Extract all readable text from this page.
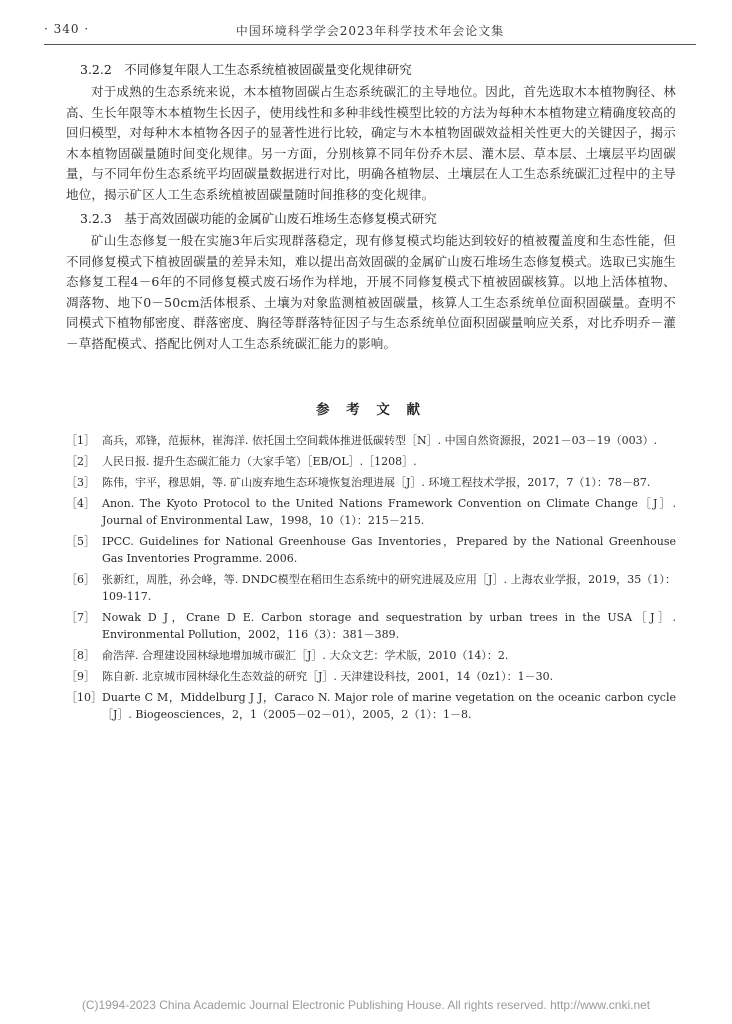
· 340 ·	中国环境科学学会2023年科学技术年会论文集
3.2.2　不同修复年限人工生态系统植被固碳量变化规律研究

对于成熟的生态系统来说，木本植物固碳占生态系统碳汇的主导地位。因此，首先选取木本植物胸径、林高、生长年限等木本植物生长因子，使用线性和多种非线性模型比较的方法为每种木本植物建立精确度较高的回归模型，对每种木本植物各因子的显著性进行比较，确定与木本植物固碳效益相关性更大的关键因子，揭示木本植物固碳量随时间变化规律。另一方面，分别核算不同年份乔木层、灌木层、草本层、土壤层平均固碳量，与不同年份生态系统平均固碳量数据进行对比，明确各植物层、土壤层在人工生态系统碳汇过程中的主导地位，揭示矿区人工生态系统植被固碳量随时间推移的变化规律。

3.2.3　基于高效固碳功能的金属矿山废石堆场生态修复模式研究

矿山生态修复一般在实施3年后实现群落稳定，现有修复模式均能达到较好的植被覆盖度和生态性能，但不同修复模式下植被固碳量的差异未知，难以提出高效固碳的金属矿山废石堆场生态修复模式。选取已实施生态修复工程4－6年的不同修复模式废石场作为样地，开展不同修复模式下植被固碳核算。以地上活体植物、凋落物、地下0－50cm活体根系、土壤为对象监测植被固碳量，核算人工生态系统单位面积固碳量。查明不同模式下植物郁密度、群落密度、胸径等群落特征因子与生态系统单位面积固碳量响应关系，对比乔明乔－灌－草搭配模式、搭配比例对人工生态系统碳汇能力的影响。

参 考 文 献
［1］ 高兵，邓锋，范振林，崔海洋. 依托国土空间载体推进低碳转型［N］. 中国自然资源报，2021－03－19（003）.
［2］ 人民日报. 提升生态碳汇能力（大家手笔）［EB/OL］.［1208］.
［3］ 陈伟，宇平，穆思娟，等. 矿山废弃地生态环境恢复治理进展［J］. 环境工程技术学报，2017，7（1）：78－87.
［4］ Anon. The Kyoto Protocol to the United Nations Framework Convention on Climate Change［J］. Journal of Environmental Law，1998，10（1）：215－215.
［5］ IPCC. Guidelines for National Greenhouse Gas Inventories，Prepared by the National Greenhouse Gas Inventories Programme. 2006.
［6］ 张新红，周胜，孙会峰，等. DNDC模型在稻田生态系统中的研究进展及应用［J］. 上海农业学报，2019，35（1）：109-117.
［7］ Nowak D J，Crane D E. Carbon storage and sequestration by urban trees in the USA［J］. Environmental Pollution，2002，116（3）：381－389.
［8］ 俞浩萍. 合理建设园林绿地增加城市碳汇［J］. 大众文艺：学术版，2010（14）：2.
［9］ 陈自新. 北京城市园林绿化生态效益的研究［J］. 天津建设科技，2001，14（0z1）：1－30.
［10］ Duarte C M，Middelburg J J，Caraco N. Major role of marine vegetation on the oceanic carbon cycle［J］. Biogeosciences，2，1（2005－02－01），2005，2（1）：1－8.
(C)1994-2023 China Academic Journal Electronic Publishing House. All rights reserved. http://www.cnki.net
